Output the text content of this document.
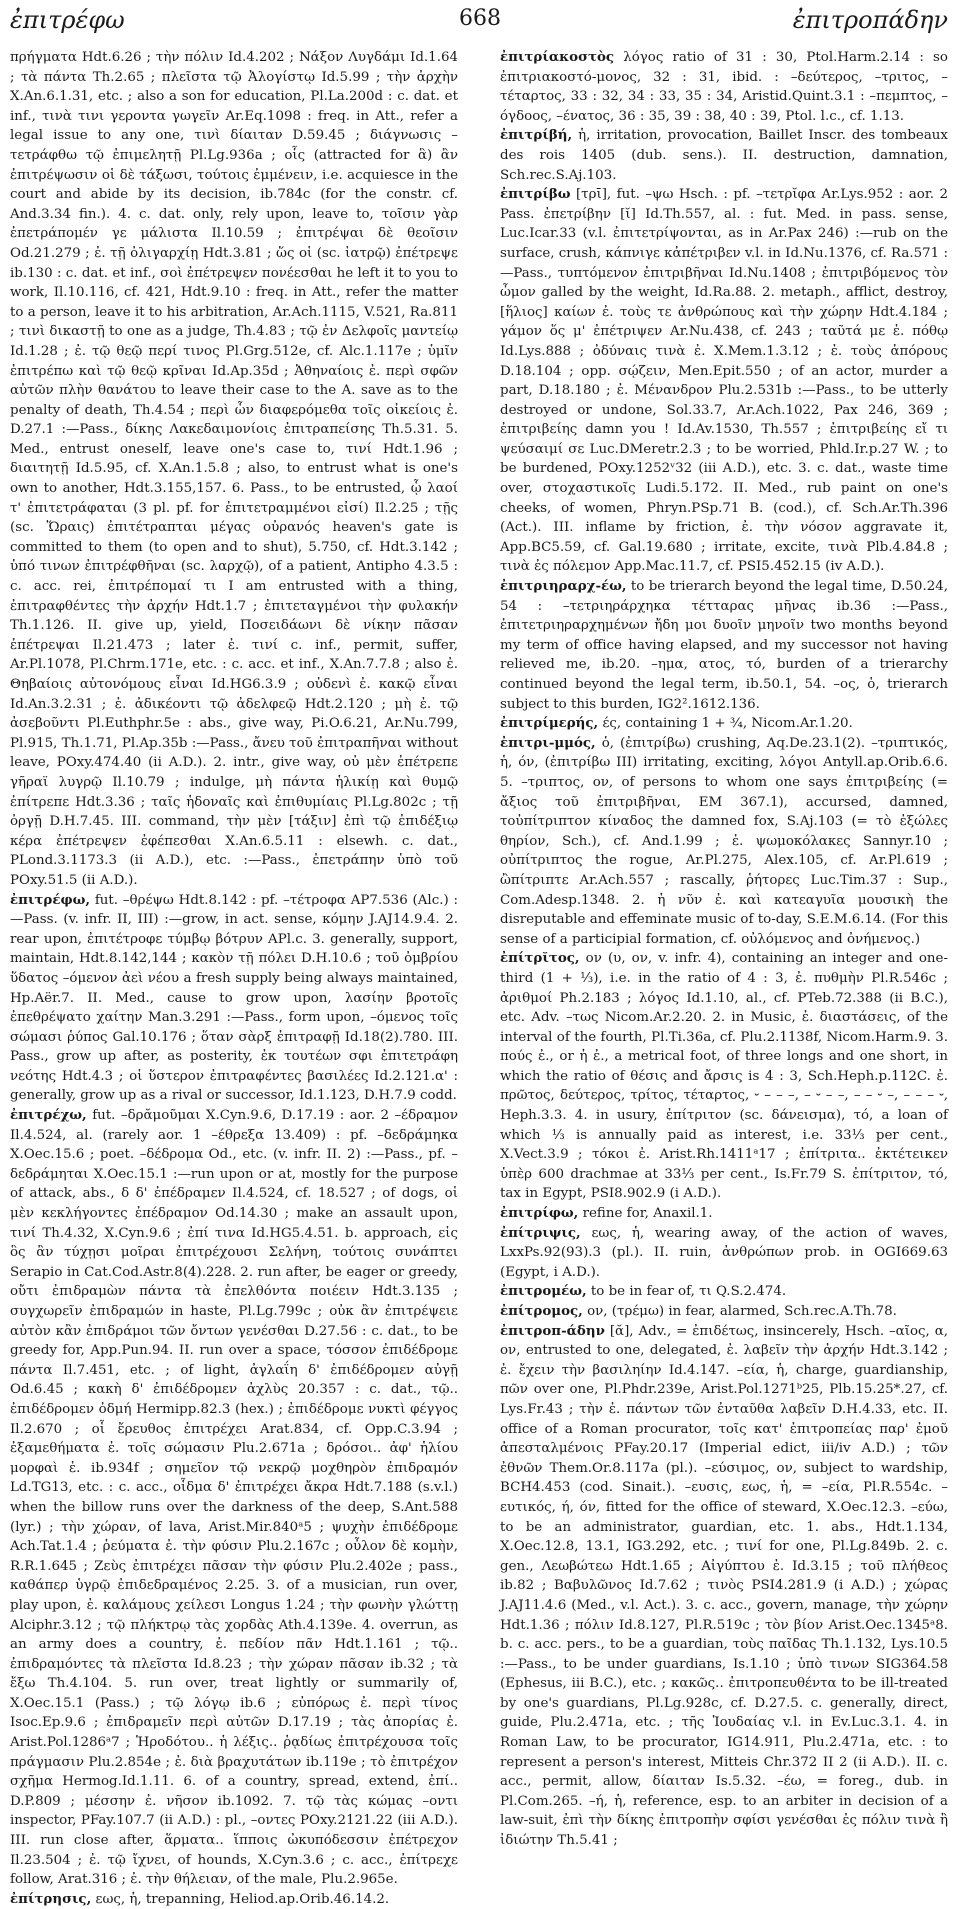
ἐπιτρέφω	668	ἐπιτροπάδην

πρήγματα Hdt.6.26 ; τὴν πόλιν Id.4.202 ; Νάξον Λυγδάμι Id.1.64 ; τὰ πάντα Th.2.65 ; πλεῖστα τῷ Ἀλογίστῳ Id.5.99 ; τὴν ἀρχὴν X.An.6.1.31, etc. ; also a son for education, Pl.La.200d : c. dat. et inf., τινὰ τινι γεροντα γωγεῖν Ar.Eq.1098 : freq. in Att., refer a legal issue to any one, τινὶ δίαιταν D.59.45 ; διάγνωσις –τετράφθω τῷ ἐπιμελητῇ Pl.Lg.936a ; οἷς (attracted for ἃ) ἂν ἐπιτρέψωσιν οἱ δὲ τάξωσι, τούτοις ἐμμένειν, i.e. acquiesce in the court and abide by its decision, ib.784c (for the constr. cf. And.3.34 fin.). 4. c. dat. only, rely upon, leave to, τοῖσιν γὰρ ἐπετράπομέν γε μάλιστα Il.10.59 ; ἐπιτρέψαι δὲ θεοῖσιν Od.21.279 ; ἐ. τῇ ὀλιγαρχίῃ Hdt.3.81 ; ὥς οἱ (sc. ἰατρῷ) ἐπέτρεψε ib.130 : c. dat. et inf., σοὶ ἐπέτρεψεν πονέεσθαι he left it to you to work, Il.10.116, cf. 421, Hdt.9.10 : freq. in Att., refer the matter to a person, leave it to his arbitration, Ar.Ach.1115, V.521, Ra.811 ; τινὶ δικαστῇ to one as a judge, Th.4.83 ; τῷ ἐν Δελφοῖς μαντείῳ Id.1.28 ; ἐ. τῷ θεῷ περί τινος Pl.Grg.512e, cf. Alc.1.117e ; ὑμῖν ἐπιτρέπω καὶ τῷ θεῷ κρῖναι Id.Ap.35d ; Ἀθηναίοις ἐ. περὶ σφῶν αὐτῶν πλὴν θανάτου to leave their case to the A. save as to the penalty of death, Th.4.54 ; περὶ ὧν διαφερόμεθα τοῖς οἰκείοις ἐ. D.27.1 :—Pass., δίκης Λακεδαιμονίοις ἐπιτραπείσης Th.5.31. 5. Med., entrust oneself, leave one's case to, τινί Hdt.1.96 ; διαιτητῇ Id.5.95, cf. X.An.1.5.8 ; also, to entrust what is one's own to another, Hdt.3.155,157. 6. Pass., to be entrusted, ᾧ λαοί τ' ἐπιτετράφαται (3 pl. pf. for ἐπιτετραμμένοι εἰσί) Il.2.25 ; τῇς (sc. Ὥραις) ἐπιτέτραπται μέγας οὐρανός heaven's gate is committed to them (to open and to shut), 5.750, cf. Hdt.3.142 ; ὑπό τινων ἐπιτρέφθῆναι (sc. λαρχῷ), of a patient, Antipho 4.3.5 : c. acc. rei, ἐπιτρέπομαί τι I am entrusted with a thing, ἐπιτραφθέντες τὴν ἀρχήν Hdt.1.7 ; ἐπιτεταγμένοι τὴν φυλακήν Th.1.126. II. give up, yield, Ποσειδάωνι δὲ νίκην πᾶσαν ἐπέτρεψαι Il.21.473 ; later ἐ. τινί c. inf., permit, suffer, Ar.Pl.1078, Pl.Chrm.171e, etc. : c. acc. et inf., X.An.7.7.8 ; also ἐ. Θηβαίοις αὐτονόμους εἶναι Id.HG6.3.9 ; οὐδενὶ ἐ. κακῷ εἶναι Id.An.3.2.31 ; ἐ. ἀδικέοντι τῷ ἀδελφεῷ Hdt.2.120 ; μὴ ἐ. τῷ ἀσεβοῦντι Pl.Euthphr.5e : abs., give way, Pi.O.6.21, Ar.Nu.799, Pl.915, Th.1.71, Pl.Ap.35b :—Pass., ἄνευ τοῦ ἐπιτραπῆναι without leave, POxy.474.40 (ii A.D.). 2. intr., give way, οὐ μὲν ἐπέτρεπε γῆραϊ λυγρῷ Il.10.79 ; indulge, μὴ πάντα ἡλικίῃ καὶ θυμῷ ἐπίτρεπε Hdt.3.36 ; ταῖς ἡδοναῖς καὶ ἐπιθυμίαις Pl.Lg.802c ; τῇ ὀργῇ D.H.7.45. III. command, τὴν μὲν [τάξιν] ἐπὶ τῷ ἐπιδέξιῳ κέρα ἐπέτρεψεν ἐφέπεσθαι X.An.6.5.11 : elsewh. c. dat., PLond.3.1173.3 (ii A.D.), etc. :—Pass., ἐπετράπην ὑπὸ τοῦ POxy.51.5 (ii A.D.).

ἐπιτρέφω, fut. –θρέψω Hdt.8.142 : pf. –τέτροφα AP7.536 (Alc.) :—Pass. (v. infr. II, III) :—grow, in act. sense, κόμην J.AJ14.9.4. 2. rear upon, ἐπιτέτροφε τύμβῳ βότρυν APl.c. 3. generally, support, maintain, Hdt.8.142,144 ; κακὸν τῇ πόλει D.H.10.6 ; τοῦ ὀμβρίου ὕδατος –όμενον ἀεὶ νέου a fresh supply being always maintained, Hp.Aër.7. II. Med., cause to grow upon, λασίην βροτοῖς ἐπεθρέψατο χαίτην Man.3.291 :—Pass., form upon, –όμενος τοῖς σώμασι ῥύπος Gal.10.176 ; ὅταν σὰρξ ἐπιτραφῇ Id.18(2).780. III. Pass., grow up after, as posterity, ἐκ τουτέων σφι ἐπιτετράφη νεότης Hdt.4.3 ; οἱ ὕστερον ἐπιτραφέντες βασιλέες Id.2.121.α' : generally, grow up as a rival or successor, Id.1.123, D.H.7.9 codd.

ἐπιτρέχω, fut. –δρᾰμοῦμαι X.Cyn.9.6, D.17.19 : aor. 2 –έδραμον Il.4.524, al. (rarely aor. 1 –έθρεξα 13.409) : pf. –δεδράμηκα X.Oec.15.6 ; poet. –δέδρομα Od., etc. (v. infr. II. 2) :—Pass., pf. –δεδράμηται X.Oec.15.1 :—run upon or at, mostly for the purpose of attack, abs., δ δ' ἐπέδραμεν Il.4.524, cf. 18.527 ; of dogs, οἱ μὲν κεκλήγοντες ἐπέδραμον Od.14.30 ; make an assault upon, τινί Th.4.32, X.Cyn.9.6 ; ἐπί τινα Id.HG5.4.51. b. approach, εἰς ὃς ἂν τύχῃσι μοῖραι ἐπιτρέχουσι Σελήνη, τούτοις συνάπτει Serapio in Cat.Cod.Astr.8(4).228. 2. run after, be eager or greedy, οὔτι ἐπιδραμὼν πάντα τὰ ἐπελθόντα ποιέειν Hdt.3.135 ; συγχωρεῖν ἐπιδραμών in haste, Pl.Lg.799c ; οὐκ ἂν ἐπιτρέψειε αὐτὸν κἂν ἐπιδράμοι τῶν ὄντων γενέσθαι D.27.56 : c. dat., to be greedy for, App.Pun.94. II. run over a space, τόσσον ἐπιδέδρομε πάντα Il.7.451, etc. ; of light, ἀγλαΐη δ' ἐπιδέδρομεν αὐγῇ Od.6.45 ; κακὴ δ' ἐπιδέδρομεν ἀχλὺς 20.357 : c. dat., τῷ.. ἐπιδέδρομεν ὀδμή Hermipp.82.3 (hex.) ; ἐπιδέδρομε νυκτὶ φέγγος Il.2.670 ; οἷ ἔρευθος ἐπιτρέχει Arat.834, cf. Opp.C.3.94 ; ἐξαμεθήματα ἐ. τοῖς σώμασιν Plu.2.671a ; δρόσοι.. ἀφ' ἡλίου μορφαὶ ἐ. ib.934f ; σημεῖον τῷ νεκρῷ μοχθηρὸν ἐπιδραμόν Ld.TG13, etc. : c. acc., οἷδμα δ' ἐπιτρέχει ἄκρα Hdt.7.188 (s.v.l.) when the billow runs over the darkness of the deep, S.Ant.588 (lyr.) ; τὴν χώραν, of lava, Arist.Mir.840ᵃ5 ; ψυχὴν ἐπιδέδρομε Ach.Tat.1.4 ; ῥεύματα ἐ. τὴν φύσιν Plu.2.167c ; οὖλον δὲ κομὴν, R.R.1.645 ; Ζεὺς ἐπιτρέχει πᾶσαν τὴν φύσιν Plu.2.402e ; pass., καθάπερ ὑγρῷ ἐπιδεδραμένος 2.25. 3. of a musician, run over, play upon, ἐ. καλάμους χείλεσι Longus 1.24 ; τὴν φωνὴν γλώττῃ Alciphr.3.12 ; τῷ πλήκτρῳ τὰς χορδὰς Ath.4.139e. 4. overrun, as an army does a country, ἐ. πεδίον πᾶν Hdt.1.161 ; τῷ.. ἐπιδραμόντες τὰ πλεῖστα Id.8.23 ; τὴν χώραν πᾶσαν ib.32 ; τὰ ἔξω Th.4.104. 5. run over, treat lightly or summarily of, X.Oec.15.1 (Pass.) ; τῷ λόγῳ ib.6 ; εὐπόρως ἐ. περὶ τίνος Isoc.Ep.9.6 ; ἐπιδραμεῖν περὶ αὐτῶν D.17.19 ; τὰς ἀπορίας ἐ. Arist.Pol.1286ᵃ7 ; Ἡροδότου.. ἡ λέξις.. ῥᾳδίως ἐπιτρέχουσα τοῖς πράγμασιν Plu.2.854e ; ἐ. διὰ βραχυτάτων ib.119e ; τὸ ἐπιτρέχον σχῆμα Hermog.Id.1.11. 6. of a country, spread, extend, ἐπί.. D.P.809 ; μέσσην ἐ. νῆσον ib.1092. 7. τῷ τὰς κώμας –οντι inspector, PFay.107.7 (ii A.D.) : pl., –οντες POxy.2121.22 (iii A.D.). III. run close after, ἅρματα.. ἵπποις ὠκυπόδεσσιν ἐπέτρεχον Il.23.504 ; ἐ. τῷ ἴχνει, of hounds, X.Cyn.3.6 ; c. acc., ἐπίτρεχε follow, Arat.316 ; ἐ. τὴν θήλειαν, of the male, Plu.2.965e.

ἐπίτρησις, εως, ἡ, trepanning, Heliod.ap.Orib.46.14.2.

ἐπιτρίακοστὸς λόγος ratio of 31 : 30, Ptol.Harm.2.14 : so ἐπιτριακοστό-μονος, 32 : 31, ibid. : –δεύτερος, –τριτος, –τέταρτος, 33 : 32, 34 : 33, 35 : 34, Aristid.Quint.3.1 : –πεμπτος, –όγδοος, –ένατος, 36 : 35, 39 : 38, 40 : 39, Ptol. l.c., cf. 1.13.

ἐπιτρίβή, ἡ, irritation, provocation, Baillet Inscr. des tombeaux des rois 1405 (dub. sens.). II. destruction, damnation, Sch.rec.S.Aj.103.

ἐπιτρίβω [τρῑ], fut. –ψω Hsch. : pf. –τετρῐφα Ar.Lys.952 : aor. 2 Pass. ἐπετρίβην [ῐ] Id.Th.557, al. : fut. Med. in pass. sense, Luc.Icar.33 (v.l. ἐπιτετρίψονται, as in Ar.Pax 246) :—rub on the surface, crush, κάπνιγε κἀπέτριβεν v.l. in Id.Nu.1376, cf. Ra.571 :—Pass., τυπτόμενον ἐπιτριβῆναι Id.Nu.1408 ; ἐπιτριβόμενος τὸν ὦμον galled by the weight, Id.Ra.88. 2. metaph., afflict, destroy, [ἥλιος] καίων ἐ. τοὺς τε ἀνθρώπους καὶ τὴν χώρην Hdt.4.184 ; γάμον ὅς μ' ἐπέτριψεν Ar.Nu.438, cf. 243 ; ταῦτά με ἐ. πόθῳ Id.Lys.888 ; ὀδύναις τινὰ ἐ. X.Mem.1.3.12 ; ἐ. τοὺς ἀπόρους D.18.104 ; opp. σῴζειν, Men.Epit.550 ; of an actor, murder a part, D.18.180 ; ἐ. Μένανδρον Plu.2.531b :—Pass., to be utterly destroyed or undone, Sol.33.7, Ar.Ach.1022, Pax 246, 369 ; ἐπιτριβείης damn you ! Id.Av.1530, Th.557 ; ἐπιτριβείης εἴ τι ψεύσαιμί σε Luc.DMeretr.2.3 ; to be worried, Phld.Ir.p.27 W. ; to be burdened, POxy.1252ᵛ32 (iii A.D.), etc. 3. c. dat., waste time over, στοχαστικοῖς Ludi.5.172. II. Med., rub paint on one's cheeks, of women, Phryn.PSp.71 B. (cod.), cf. Sch.Ar.Th.396 (Act.). III. inflame by friction, ἐ. τὴν νόσον aggravate it, App.BC5.59, cf. Gal.19.680 ; irritate, excite, τινὰ Plb.4.84.8 ; τινὰ ἐς πόλεμον App.Mac.11.7, cf. PSI5.452.15 (iv A.D.).

ἐπιτριηραρχ-έω, to be trierarch beyond the legal time, D.50.24, 54 : –τετριηράρχηκα τέτταρας μῆνας ib.36 :—Pass., ἐπιτετριηραρχημένων ἤδη μοι δυοῖν μηνοῖν two months beyond my term of office having elapsed, and my successor not having relieved me, ib.20. –ημα, ατος, τό, burden of a trierarchy continued beyond the legal term, ib.50.1, 54. –ος, ὁ, trierarch subject to this burden, IG2².1612.136.

ἐπιτρίμερής, ές, containing 1 + ¾, Nicom.Ar.1.20.

ἐπιτρι-μμός, ὁ, (ἐπιτρίβω) crushing, Aq.De.23.1(2). –τριπτικός, ἡ, όν, (ἐπιτρίβω III) irritating, exciting, λόγοι Antyll.ap.Orib.6.6. 5. –τριπτος, ον, of persons to whom one says ἐπιτριβείης (= ἄξιος τοῦ ἐπιτριβῆναι, EM 367.1), accursed, damned, τοὐπίτριπτον κίναδος the damned fox, S.Aj.103 (= τὸ ἐξώλες θηρίον, Sch.), cf. And.1.99 ; ἐ. ψωμοκόλακες Sannyr.10 ; οὐπίτριπτος the rogue, Ar.Pl.275, Alex.105, cf. Ar.Pl.619 ; ὢπίτριπτε Ar.Ach.557 ; rascally, ῥήτορες Luc.Tim.37 : Sup., Com.Adesp.1348. 2. ἡ νῦν ἐ. καὶ κατεαγυῖα μουσικὴ the disreputable and effeminate music of to-day, S.E.M.6.14. (For this sense of a participial formation, cf. οὐλόμενος and ὀνήμενος.)

ἐπίτρῐτος, ον (υ, ον, v. infr. 4), containing an integer and one-third (1 + ⅓), i.e. in the ratio of 4 : 3, ἐ. πυθμὴν Pl.R.546c ; ἀριθμοί Ph.2.183 ; λόγος Id.1.10, al., cf. PTeb.72.388 (ii B.C.), etc. Adv. –τως Nicom.Ar.2.20. 2. in Music, ἐ. διαστάσεις, of the interval of the fourth, Pl.Ti.36a, cf. Plu.2.1138f, Nicom.Harm.9. 3. πούς ἐ., or ἡ ἐ., a metrical foot, of three longs and one short, in which the ratio of θέσις and ἄρσις is 4 : 3, Sch.Heph.p.112C. ἐ. πρῶτος, δεύτερος, τρίτος, τέταρτος, ⏑ – – –, – ⏑ – –, – – ⏑ –, – – – ⏑, Heph.3.3. 4. in usury, ἐπίτριτον (sc. δάνεισμα), τό, a loan of which ⅓ is annually paid as interest, i.e. 33⅓ per cent., X.Vect.3.9 ; τόκοι ἐ. Arist.Rh.1411ᵃ17 ; ἐπίτριτα.. ἐκτέτεικεν ὑπὲρ 600 drachmae at 33⅓ per cent., Is.Fr.79 S. ἐπίτριτον, τό, tax in Egypt, PSI8.902.9 (i A.D.).

ἐπιτρίφω, refine for, Anaxil.1.

ἐπίτριψις, εως, ἡ, wearing away, of the action of waves, LxxPs.92(93).3 (pl.). II. ruin, ἀνθρώπων prob. in OGI669.63 (Egypt, i A.D.).

ἐπιτρομέω, to be in fear of, τι Q.S.2.474.

ἐπίτρομος, ον, (τρέμω) in fear, alarmed, Sch.rec.A.Th.78.

ἐπιτροπ-άδην [ᾰ], Adv., = ἐπιδέτως, insincerely, Hsch. –αῖος, α, ον, entrusted to one, delegated, ἐ. λαβεῖν τὴν ἀρχήν Hdt.3.142 ; ἐ. ἔχειν τὴν βασιληίην Id.4.147. –εία, ἡ, charge, guardianship, πῶν over one, Pl.Phdr.239e, Arist.Pol.1271ᵇ25, Plb.15.25*.27, cf. Lys.Fr.43 ; τὴν ἐ. πάντων τῶν ἐνταῦθα λαβεῖν D.H.4.33, etc. II. office of a Roman procurator, τοῖς κατ' ἐπιτροπείας παρ' ἐμοῦ ἀπεσταλμένοις PFay.20.17 (Imperial edict, iii/iv A.D.) ; τῶν ἐθνῶν Them.Or.8.117a (pl.). –εύσιμος, ον, subject to wardship, BCH4.453 (cod. Sinait.). –ευσις, εως, ἡ, = –εία, Pl.R.554c. –ευτικός, ή, όν, fitted for the office of steward, X.Oec.12.3. –εύω, to be an administrator, guardian, etc. 1. abs., Hdt.1.134, X.Oec.12.8, 13.1, IG3.292, etc. ; τινί for one, Pl.Lg.849b. 2. c. gen., Λεωβώτεω Hdt.1.65 ; Αἰγύπτου ἐ. Id.3.15 ; τοῦ πλήθεος ib.82 ; Βαβυλῶνος Id.7.62 ; τινὸς PSI4.281.9 (i A.D.) ; χώρας J.AJ11.4.6 (Med., v.l. Act.). 3. c. acc., govern, manage, τὴν χώρην Hdt.1.36 ; πόλιν Id.8.127, Pl.R.519c ; τὸν βίον Arist.Oec.1345ᵃ8. b. c. acc. pers., to be a guardian, τοὺς παῖδας Th.1.132, Lys.10.5 :—Pass., to be under guardians, Is.1.10 ; ὑπὸ τινων SIG364.58 (Ephesus, iii B.C.), etc. ; κακῶς.. ἐπιτροπευθέντα to be ill-treated by one's guardians, Pl.Lg.928c, cf. D.27.5. c. generally, direct, guide, Plu.2.471a, etc. ; τῆς Ἰουδαίας v.l. in Ev.Luc.3.1. 4. in Roman Law, to be procurator, IG14.911, Plu.2.471a, etc. : to represent a person's interest, Mitteis Chr.372 II 2 (ii A.D.). II. c. acc., permit, allow, δίαιταν Is.5.32. –έω, = foreg., dub. in Pl.Com.265. –ή, ἡ, reference, esp. to an arbiter in decision of a law-suit, ἐπὶ τὴν δίκης ἐπιτροπὴν σφίσι γενέσθαι ἐς πόλιν τινὰ ἢ ἰδιώτην Th.5.41 ;
